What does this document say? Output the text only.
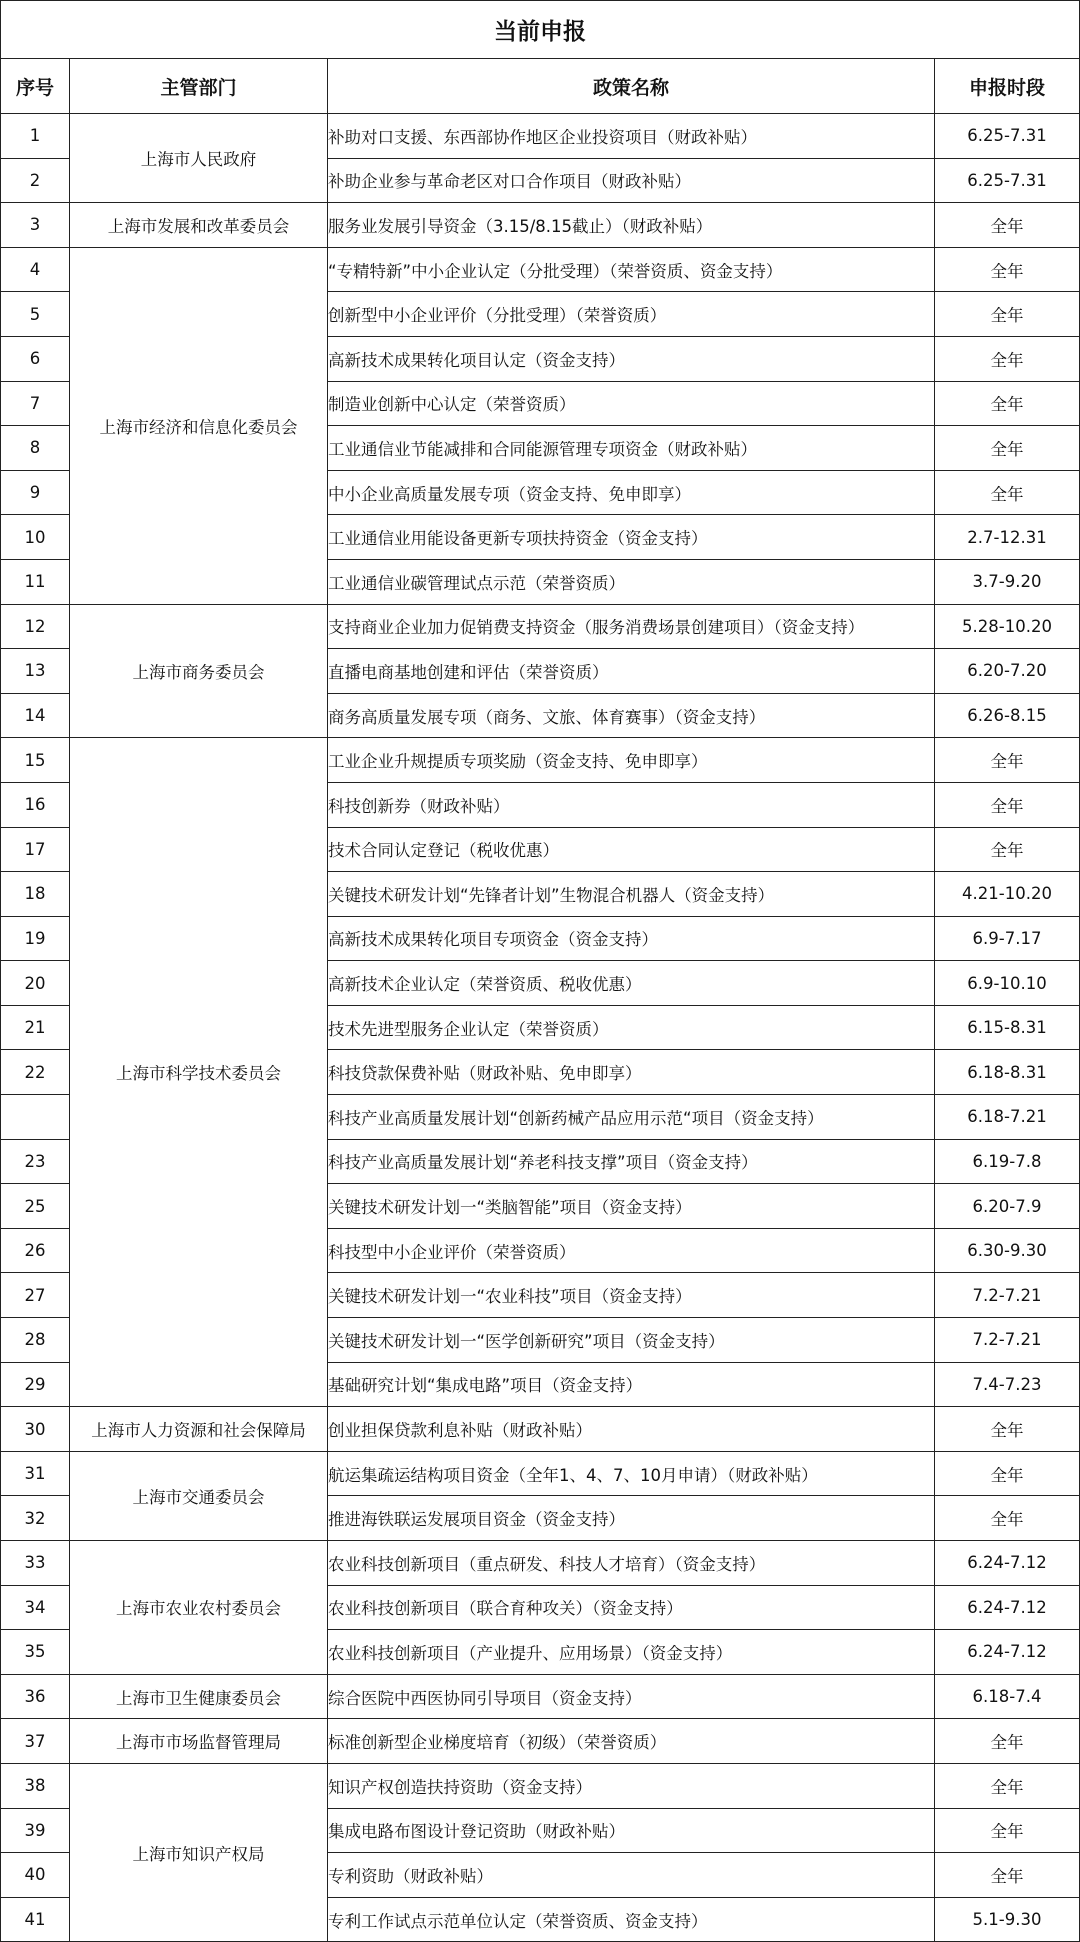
当前申报			
序号	主管部门	政策名称	申报时段
1	上海市人民政府	补助对口支援、东西部协作地区企业投资项目（财政补贴）	6.25-7.31
2		补助企业参与革命老区对口合作项目（财政补贴）	6.25-7.31
3	上海市发展和改革委员会	服务业发展引导资金（3.15/8.15截止）（财政补贴）	全年
4	上海市经济和信息化委员会	“专精特新”中小企业认定（分批受理）（荣誉资质、资金支持）	全年
5		创新型中小企业评价（分批受理）（荣誉资质）	全年
6		高新技术成果转化项目认定（资金支持）	全年
7		制造业创新中心认定（荣誉资质）	全年
8		工业通信业节能减排和合同能源管理专项资金（财政补贴）	全年
9		中小企业高质量发展专项（资金支持、免申即享）	全年
10		工业通信业用能设备更新专项扶持资金（资金支持）	2.7-12.31
11		工业通信业碳管理试点示范（荣誉资质）	3.7-9.20
12	上海市商务委员会	支持商业企业加力促销费支持资金（服务消费场景创建项目）（资金支持）	5.28-10.20
13		直播电商基地创建和评估（荣誉资质）	6.20-7.20
14		商务高质量发展专项（商务、文旅、体育赛事）（资金支持）	6.26-8.15
15	上海市科学技术委员会	工业企业升规提质专项奖励（资金支持、免申即享）	全年
16		科技创新券（财政补贴）	全年
17		技术合同认定登记（税收优惠）	全年
18		关键技术研发计划“先锋者计划”生物混合机器人（资金支持）	4.21-10.20
19		高新技术成果转化项目专项资金（资金支持）	6.9-7.17
20		高新技术企业认定（荣誉资质、税收优惠）	6.9-10.10
21		技术先进型服务企业认定（荣誉资质）	6.15-8.31
22		科技贷款保费补贴（财政补贴、免申即享）	6.18-8.31
		科技产业高质量发展计划“创新药械产品应用示范“项目（资金支持）	6.18-7.21
23		科技产业高质量发展计划“养老科技支撑”项目（资金支持）	6.19-7.8
25		关键技术研发计划一“类脑智能”项目（资金支持）	6.20-7.9
26		科技型中小企业评价（荣誉资质）	6.30-9.30
27		关键技术研发计划一“农业科技”项目（资金支持）	7.2-7.21
28		关键技术研发计划一“医学创新研究”项目（资金支持）	7.2-7.21
29		基础研究计划“集成电路”项目（资金支持）	7.4-7.23
30	上海市人力资源和社会保障局	创业担保贷款利息补贴（财政补贴）	全年
31	上海市交通委员会	航运集疏运结构项目资金（全年1、4、7、10月申请）（财政补贴）	全年
32		推进海铁联运发展项目资金（资金支持）	全年
33	上海市农业农村委员会	农业科技创新项目（重点研发、科技人才培育）（资金支持）	6.24-7.12
34		农业科技创新项目（联合育种攻关）（资金支持）	6.24-7.12
35		农业科技创新项目（产业提升、应用场景）（资金支持）	6.24-7.12
36	上海市卫生健康委员会	综合医院中西医协同引导项目（资金支持）	6.18-7.4
37	上海市市场监督管理局	标准创新型企业梯度培育（初级）（荣誉资质）	全年
38	上海市知识产权局	知识产权创造扶持资助（资金支持）	全年
39		集成电路布图设计登记资助（财政补贴）	全年
40		专利资助（财政补贴）	全年
41		专利工作试点示范单位认定（荣誉资质、资金支持）	5.1-9.30
